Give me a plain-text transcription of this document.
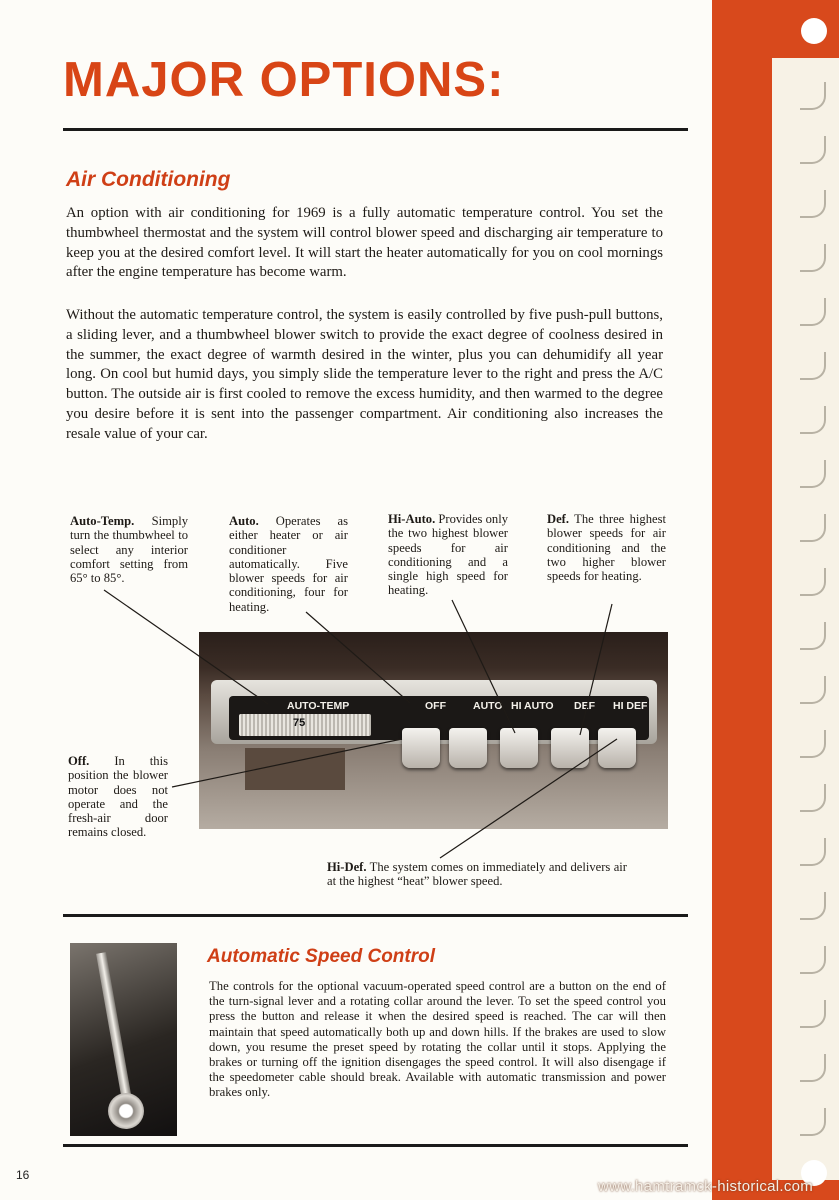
MAJOR OPTIONS:
Air Conditioning

An option with air conditioning for 1969 is a fully automatic temperature control. You set the thumbwheel thermostat and the system will control blower speed and discharging air temperature to keep you at the desired comfort level. It will start the heater automatically for you on cool mornings after the engine temperature has become warm.

Without the automatic temperature control, the system is easily controlled by five push-pull buttons, a sliding lever, and a thumbwheel blower switch to provide the exact degree of coolness desired in the summer, the exact degree of warmth desired in the winter, plus you can dehumidify all year long. On cool but humid days, you simply slide the temperature lever to the right and press the A/C button. The outside air is first cooled to remove the excess humidity, and then warmed to the degree you desire before it is sent into the passenger compartment. Air conditioning also increases the resale value of your car.

Auto-Temp. Simply turn the thumbwheel to select any interior comfort setting from 65° to 85°.

Auto. Operates as either heater or air conditioner automatically. Five blower speeds for air conditioning, four for heating.

Hi-Auto. Provides only the two highest blower speeds for air conditioning and a single high speed for heating.

Def. The three highest blower speeds for air conditioning and the two higher blower speeds for heating.

Off. In this position the blower motor does not operate and the fresh-air door remains closed.

Hi-Def. The system comes on immediately and delivers air at the highest “heat” blower speed.

AUTO-TEMP	OFF	AUTO HI AUTO DEF HI DEF
75
Automatic Speed Control

The controls for the optional vacuum-operated speed control are a button on the end of the turn-signal lever and a rotating collar around the lever. To set the speed control you press the button and release it when the desired speed is reached. The car will then maintain that speed automatically both up and down hills. If the brakes are used to slow down, you resume the preset speed by rotating the collar until it stops. Applying the brakes or turning off the ignition disengages the speed control. It will also disengage if the speedometer cable should break. Available with automatic transmission and power brakes only.

16
www.hamtramck-historical.com
